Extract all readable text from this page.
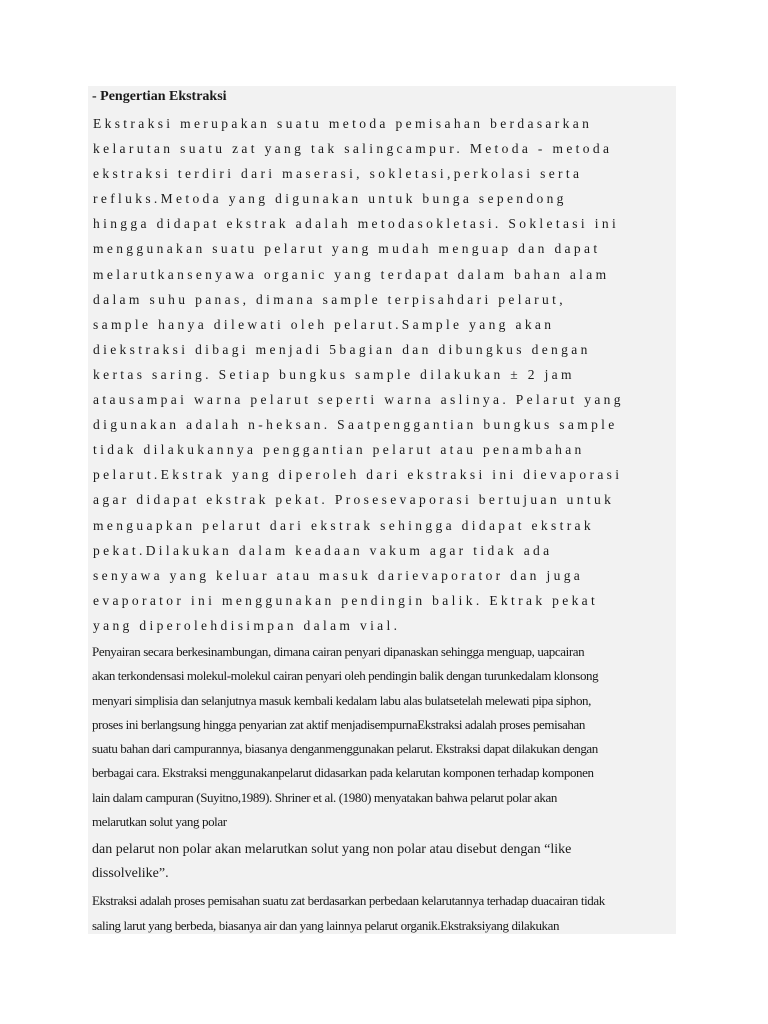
- Pengertian Ekstraksi
Ekstraksi merupakan suatu metoda pemisahan berdasarkan
kelarutan suatu zat yang tak salingcampur. Metoda - metoda
ekstraksi terdiri dari maserasi, sokletasi,perkolasi serta
refluks.Metoda yang digunakan untuk bunga sependong
hingga didapat ekstrak adalah metodasokletasi. Sokletasi ini
menggunakan suatu pelarut yang mudah menguap dan dapat
melarutkansenyawa organic yang terdapat dalam bahan alam
dalam suhu panas, dimana sample terpisahdari pelarut,
sample hanya dilewati oleh pelarut.Sample yang akan
diekstraksi dibagi menjadi 5bagian dan dibungkus dengan
kertas saring. Setiap bungkus sample dilakukan ± 2 jam
atausampai warna pelarut seperti warna aslinya. Pelarut yang
digunakan adalah n-heksan. Saatpenggantian bungkus sample
tidak dilakukannya penggantian pelarut atau penambahan
pelarut.Ekstrak yang diperoleh dari ekstraksi ini dievaporasi
agar didapat ekstrak pekat. Prosesevaporasi bertujuan untuk
menguapkan pelarut dari ekstrak sehingga didapat ekstrak
pekat.Dilakukan dalam keadaan vakum agar tidak ada
senyawa yang keluar atau masuk darievaporator dan juga
evaporator ini menggunakan pendingin balik. Ektrak pekat
yang diperolehdisimpan dalam vial.
Penyairan secara berkesinambungan, dimana cairan penyari dipanaskan sehingga menguap, uapcairan
akan terkondensasi molekul-molekul cairan penyari oleh pendingin balik dengan turunkedalam klonsong
menyari simplisia dan selanjutnya masuk kembali kedalam labu alas bulatsetelah melewati pipa siphon,
proses ini berlangsung hingga penyarian zat aktif menjadisempurnaEkstraksi adalah proses pemisahan
suatu bahan dari campurannya, biasanya denganmenggunakan pelarut. Ekstraksi dapat dilakukan dengan
berbagai cara. Ekstraksi menggunakanpelarut didasarkan pada kelarutan komponen terhadap komponen
lain dalam campuran (Suyitno,1989). Shriner et al. (1980) menyatakan bahwa pelarut polar akan
melarutkan solut yang polar
dan pelarut non polar akan melarutkan solut yang non polar atau disebut dengan “like
dissolvelike”.
Ekstraksi adalah proses pemisahan suatu zat berdasarkan perbedaan kelarutannya terhadap duacairan tidak
saling larut yang berbeda, biasanya air dan yang lainnya pelarut organik.Ekstraksiyang dilakukan
